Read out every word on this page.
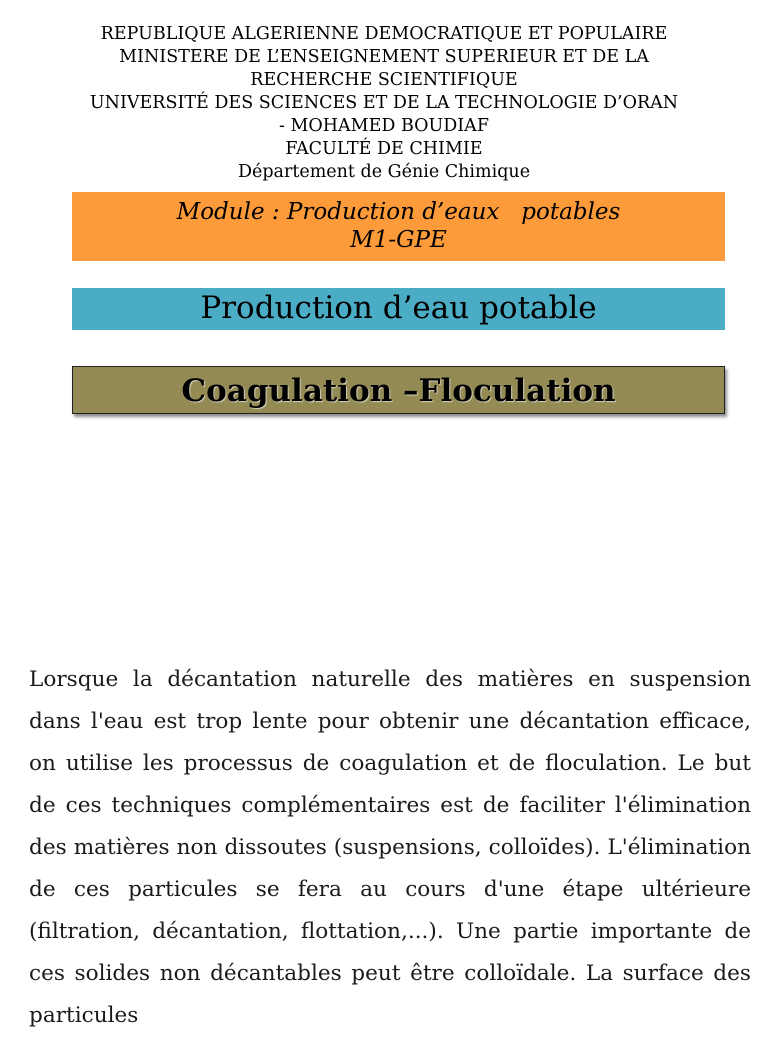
REPUBLIQUE ALGERIENNE DEMOCRATIQUE ET POPULAIRE
MINISTERE DE L’ENSEIGNEMENT SUPERIEUR ET DE LA
RECHERCHE SCIENTIFIQUE
UNIVERSITÉ DES SCIENCES ET DE LA TECHNOLOGIE D’ORAN
- MOHAMED BOUDIAF
FACULTÉ DE CHIMIE
Département de Génie Chimique
Module : Production d’eaux   potables
M1-GPE
Production d’eau potable
Coagulation –Floculation

Lorsque la décantation naturelle des matières en suspension dans l'eau est trop lente pour obtenir une décantation efficace, on utilise les processus de coagulation et de floculation. Le but de ces techniques complémentaires est de faciliter l'élimination des matières non dissoutes (suspensions, colloïdes). L'élimination de ces particules se fera au cours d'une étape ultérieure (filtration, décantation, flottation,...). Une partie importante de ces solides non décantables peut être colloïdale. La surface des particules
